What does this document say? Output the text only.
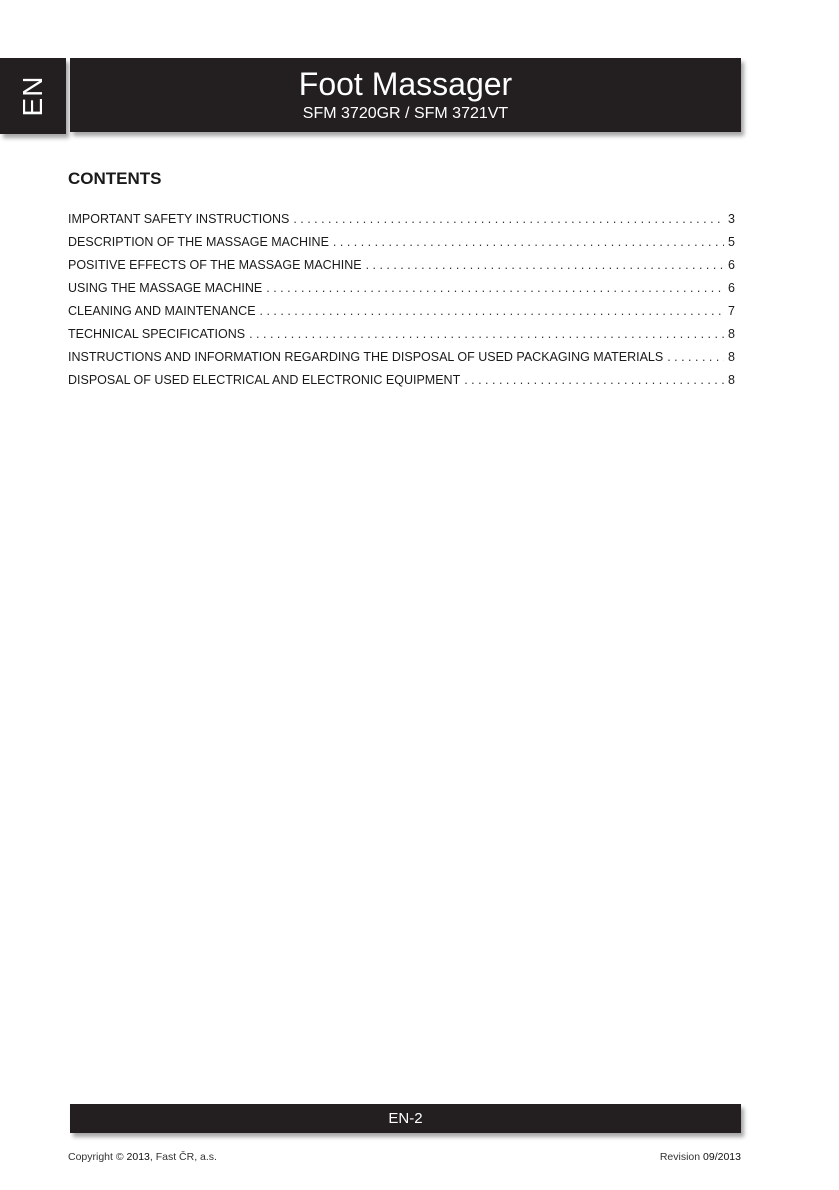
EN	Foot Massager
SFM 3720GR / SFM 3721VT
CONTENTS
IMPORTANT SAFETY INSTRUCTIONS . . .	3
DESCRIPTION OF THE MASSAGE MACHINE . . .	5
POSITIVE EFFECTS OF THE MASSAGE MACHINE . . .	6
USING THE MASSAGE MACHINE . . .	6
CLEANING AND MAINTENANCE . . .	7
TECHNICAL SPECIFICATIONS . . .	8
INSTRUCTIONS AND INFORMATION REGARDING THE DISPOSAL OF USED PACKAGING MATERIALS . . .	8
DISPOSAL OF USED ELECTRICAL AND ELECTRONIC EQUIPMENT . . .	8
EN-2
Copyright © 2013, Fast ČR, a.s.	Revision 09/2013
